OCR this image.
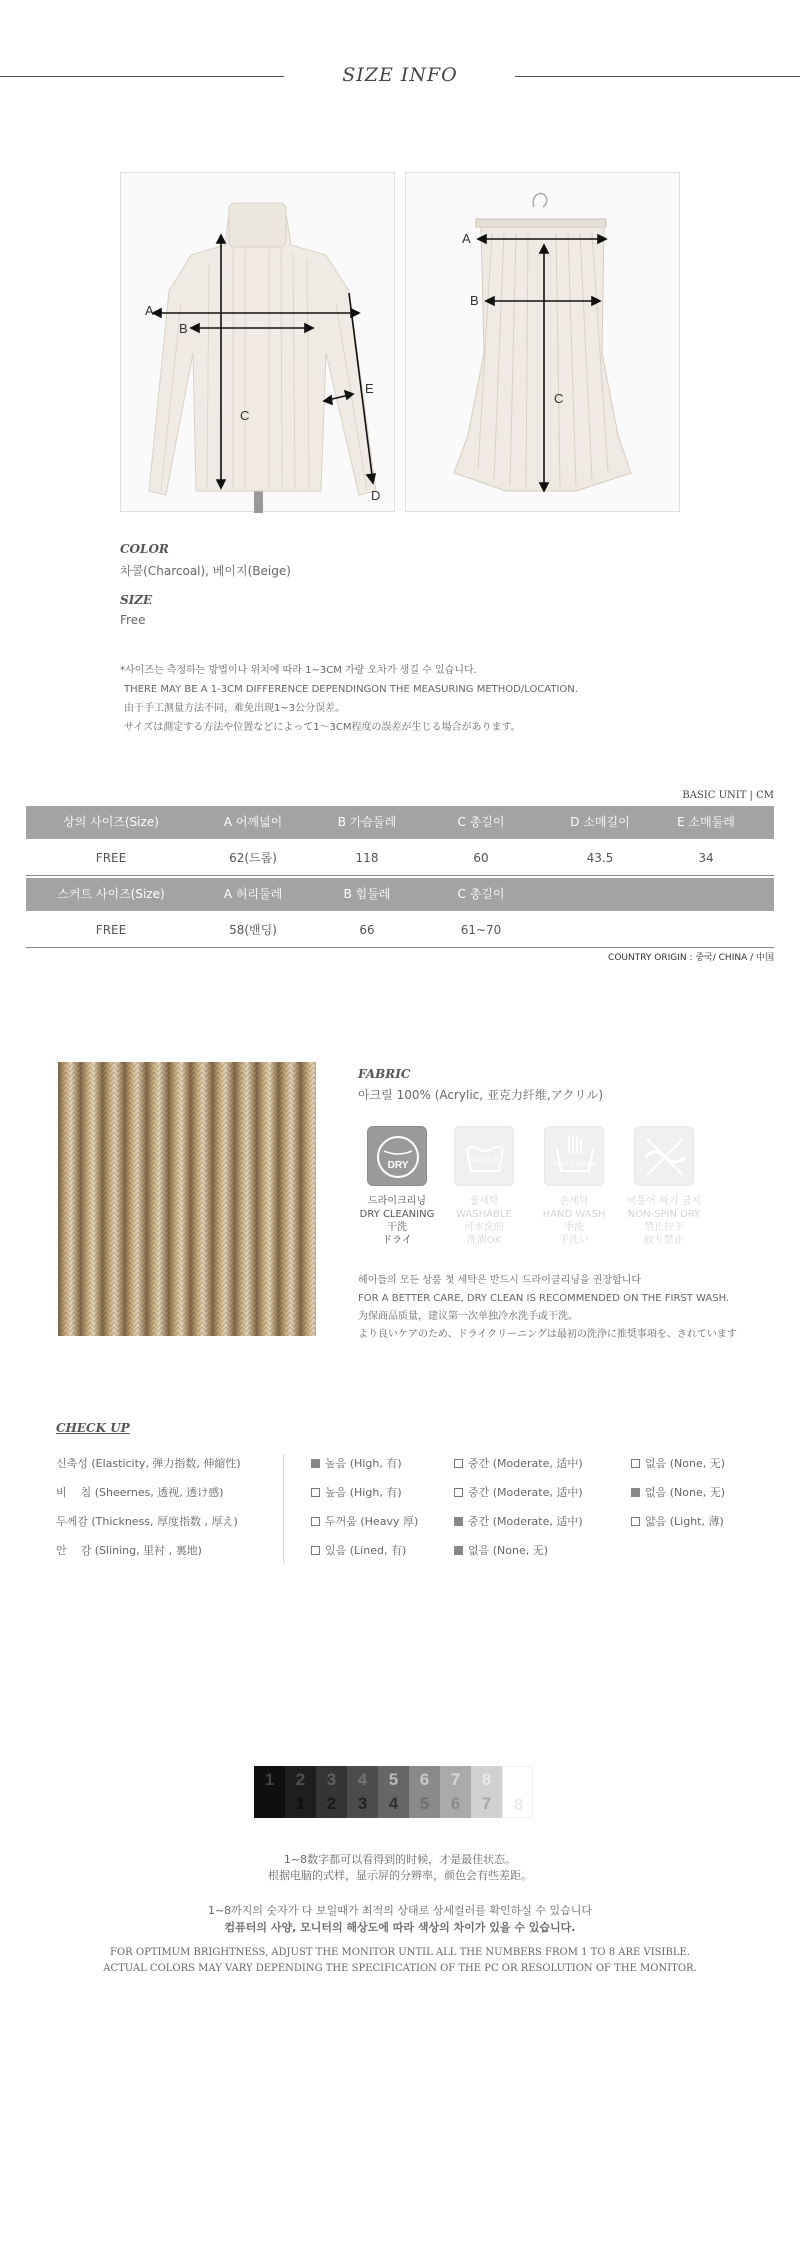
SIZE INFO
A
B
C
E
D
A
B
C
COLOR
차콜(Charcoal), 베이지(Beige)
SIZE
Free
*사이즈는 측정하는 방법이나 위치에 따라 1~3CM 가량 오차가 생길 수 있습니다.
THERE MAY BE A 1-3CM DIFFERENCE DEPENDINGON THE MEASURING METHOD/LOCATION.
由于手工测量方法不同，难免出现1~3公分误差。
サイズは測定する方法や位置などによって1～3CM程度の誤差が生じる場合があります。
BASIC UNIT | CM
상의 사이즈(Size)	A 어깨넓이	B 가슴둘레	C 총길이	D 소매길이	E 소매둘레
FREE	62(드롭)	118	60	43.5	34
스커트 사이즈(Size)	A 허리둘레	B 힙둘레	C 총길이
FREE	58(밴딩)	66	61~70
COUNTRY ORIGIN : 중국/ CHINA / 中国
FABRIC
아크릴 100% (Acrylic, 亚克力纤维,アクリル)
DRY
WATER
HAND WASH
드라이크리닝
DRY CLEANING
干洗
ドライ
울세탁
WASHABLE
可水洗的
洗濯OK
손세탁
HAND WASH
手洗
手洗い
비틀어 짜기 금지
NON-SPIN DRY
禁止拧干
絞り禁止
헤이들의 모든 상품 첫 세탁은 반드시 드라이클리닝을 권장합니다
FOR A BETTER CARE, DRY CLEAN IS RECOMMENDED ON THE FIRST WASH.
为保商品质量，建议第一次单独冷水洗手或干洗。
より良いケアのため、ドライクリーニングは最初の洗浄に推奨事項を、されています
CHECK UP
신축성 (Elasticity, 弹力指数, 伸縮性)	높음 (High, 有)	중간 (Moderate, 适中)	없음 (None, 无)
비    침 (Sheernes, 透视, 透け感)	높음 (High, 有)	중간 (Moderate, 适中)	없음 (None, 无)
두께감 (Thickness, 厚度指数 , 厚え)	두꺼움 (Heavy 厚)	중간 (Moderate, 适中)	얇음 (Light, 薄)
안    감 (Slining, 里衬 , 裏地)	있음 (Lined, 有)	없음 (None, 无)
1	2
1
3
2
4
3
5
4
6
5
7
6
8
7	8
1~8数字都可以看得到的时候，才是最佳状态。
根据电脑的式样，显示屏的分辨率，颜色会有些差距。
1~8까지의 숫자가 다 보일때가 최적의 상태로 상세컬러를 확인하실 수 있습니다
컴퓨터의 사양, 모니터의 해상도에 따라 색상의 차이가 있을 수 있습니다.
FOR OPTIMUM BRIGHTNESS, ADJUST THE MONITOR UNTIL ALL THE NUMBERS FROM 1 TO 8 ARE VISIBLE.
ACTUAL COLORS MAY VARY DEPENDING THE SPECIFICATION OF THE PC OR RESOLUTION OF THE MONITOR.
